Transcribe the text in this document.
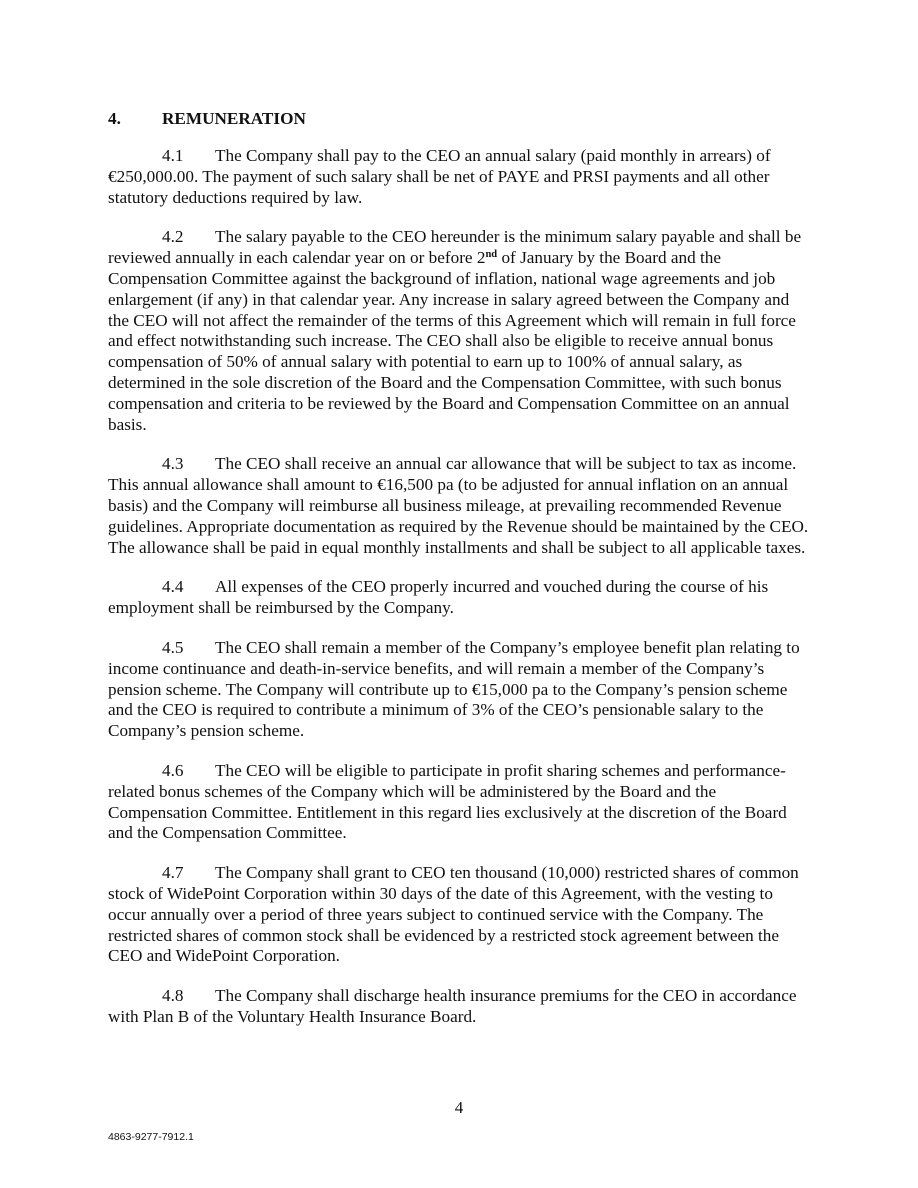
4. REMUNERATION

4.1 The Company shall pay to the CEO an annual salary (paid monthly in arrears) of €250,000.00. The payment of such salary shall be net of PAYE and PRSI payments and all other statutory deductions required by law.

4.2 The salary payable to the CEO hereunder is the minimum salary payable and shall be reviewed annually in each calendar year on or before 2nd of January by the Board and the Compensation Committee against the background of inflation, national wage agreements and job enlargement (if any) in that calendar year. Any increase in salary agreed between the Company and the CEO will not affect the remainder of the terms of this Agreement which will remain in full force and effect notwithstanding such increase. The CEO shall also be eligible to receive annual bonus compensation of 50% of annual salary with potential to earn up to 100% of annual salary, as determined in the sole discretion of the Board and the Compensation Committee, with such bonus compensation and criteria to be reviewed by the Board and Compensation Committee on an annual basis.

4.3 The CEO shall receive an annual car allowance that will be subject to tax as income. This annual allowance shall amount to €16,500 pa (to be adjusted for annual inflation on an annual basis) and the Company will reimburse all business mileage, at prevailing recommended Revenue guidelines. Appropriate documentation as required by the Revenue should be maintained by the CEO. The allowance shall be paid in equal monthly installments and shall be subject to all applicable taxes.

4.4 All expenses of the CEO properly incurred and vouched during the course of his employment shall be reimbursed by the Company.

4.5 The CEO shall remain a member of the Company’s employee benefit plan relating to income continuance and death-in-service benefits, and will remain a member of the Company’s pension scheme. The Company will contribute up to €15,000 pa to the Company’s pension scheme and the CEO is required to contribute a minimum of 3% of the CEO’s pensionable salary to the Company’s pension scheme.

4.6 The CEO will be eligible to participate in profit sharing schemes and performance-related bonus schemes of the Company which will be administered by the Board and the Compensation Committee. Entitlement in this regard lies exclusively at the discretion of the Board and the Compensation Committee.

4.7 The Company shall grant to CEO ten thousand (10,000) restricted shares of common stock of WidePoint Corporation within 30 days of the date of this Agreement, with the vesting to occur annually over a period of three years subject to continued service with the Company. The restricted shares of common stock shall be evidenced by a restricted stock agreement between the CEO and WidePoint Corporation.

4.8 The Company shall discharge health insurance premiums for the CEO in accordance with Plan B of the Voluntary Health Insurance Board.

4
4863-9277-7912.1
